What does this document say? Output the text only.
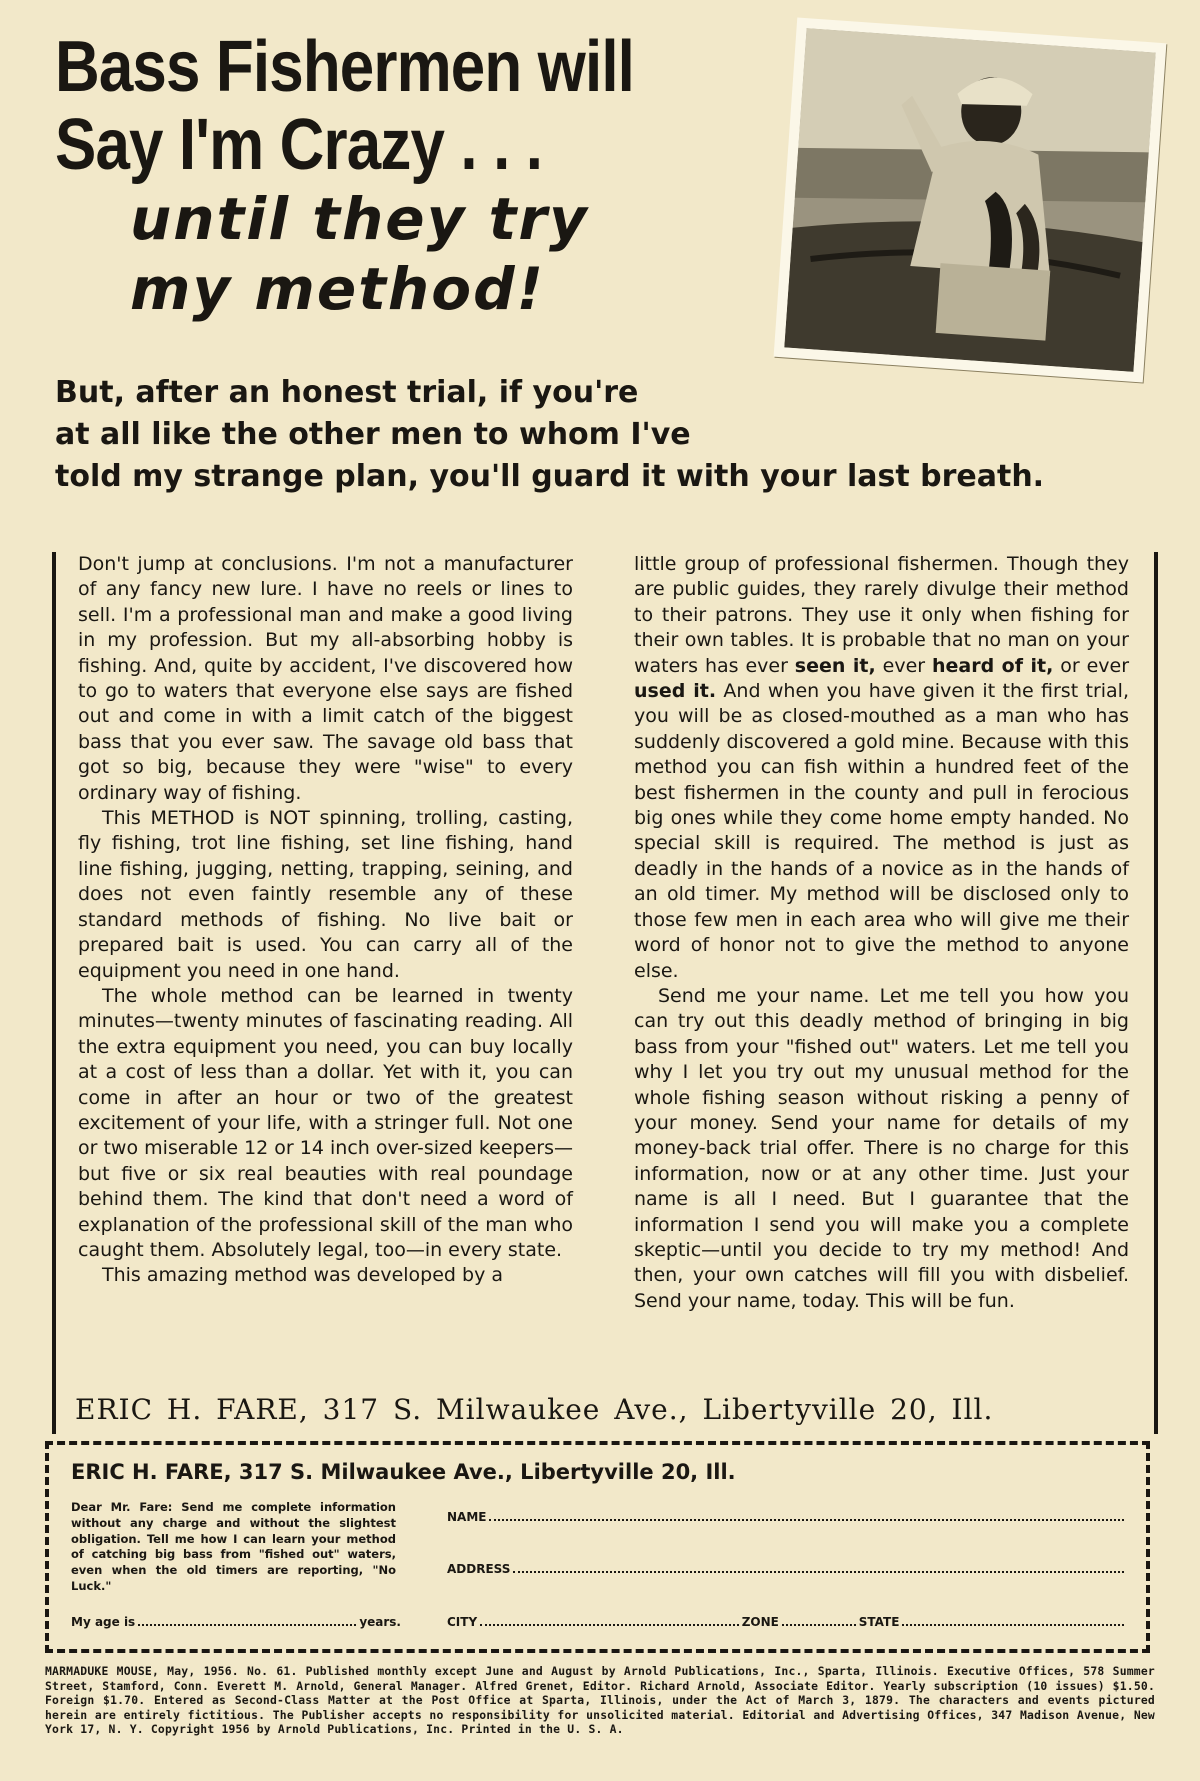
Bass Fishermen will
Say I'm Crazy . . .
until they try
my method!
But, after an honest trial, if you're
at all like the other men to whom I've
told my strange plan, you'll guard it with your last breath.

Don't jump at conclusions. I'm not a manufacturer of any fancy new lure. I have no reels or lines to sell. I'm a professional man and make a good living in my profession. But my all-absorbing hobby is fishing. And, quite by accident, I've discovered how to go to waters that everyone else says are fished out and come in with a limit catch of the biggest bass that you ever saw. The savage old bass that got so big, because they were "wise" to every ordinary way of fishing.

This METHOD is NOT spinning, trolling, casting, fly fishing, trot line fishing, set line fishing, hand line fishing, jugging, netting, trapping, seining, and does not even faintly resemble any of these standard methods of fishing. No live bait or prepared bait is used. You can carry all of the equipment you need in one hand.

The whole method can be learned in twenty minutes—twenty minutes of fascinating reading. All the extra equipment you need, you can buy locally at a cost of less than a dollar. Yet with it, you can come in after an hour or two of the greatest excitement of your life, with a stringer full. Not one or two miserable 12 or 14 inch over-sized keepers—but five or six real beauties with real poundage behind them. The kind that don't need a word of explanation of the professional skill of the man who caught them. Absolutely legal, too—in every state.

This amazing method was developed by a

little group of professional fishermen. Though they are public guides, they rarely divulge their method to their patrons. They use it only when fishing for their own tables. It is probable that no man on your waters has ever seen it, ever heard of it, or ever used it. And when you have given it the first trial, you will be as closed-mouthed as a man who has suddenly discovered a gold mine. Because with this method you can fish within a hundred feet of the best fishermen in the county and pull in ferocious big ones while they come home empty handed. No special skill is required. The method is just as deadly in the hands of a novice as in the hands of an old timer. My method will be disclosed only to those few men in each area who will give me their word of honor not to give the method to anyone else.

Send me your name. Let me tell you how you can try out this deadly method of bringing in big bass from your "fished out" waters. Let me tell you why I let you try out my unusual method for the whole fishing season without risking a penny of your money. Send your name for details of my money-back trial offer. There is no charge for this information, now or at any other time. Just your name is all I need. But I guarantee that the information I send you will make you a complete skeptic—until you decide to try my method! And then, your own catches will fill you with disbelief. Send your name, today. This will be fun.

ERIC H. FARE, 317 S. Milwaukee Ave., Libertyville 20, Ill.
ERIC H. FARE, 317 S. Milwaukee Ave., Libertyville 20, Ill.
Dear Mr. Fare: Send me complete information without any charge and without the slightest obligation. Tell me how I can learn your method of catching big bass from "fished out" waters, even when the old timers are reporting, "No Luck."
My age is	years.
NAME
ADDRESS
CITY	ZONE	STATE
MARMADUKE MOUSE, May, 1956. No. 61. Published monthly except June and August by Arnold Publications, Inc., Sparta, Illinois. Executive Offices, 578 Summer Street, Stamford, Conn. Everett M. Arnold, General Manager. Alfred Grenet, Editor. Richard Arnold, Associate Editor. Yearly subscription (10 issues) $1.50. Foreign $1.70. Entered as Second-Class Matter at the Post Office at Sparta, Illinois, under the Act of March 3, 1879. The characters and events pictured herein are entirely fictitious. The Publisher accepts no responsibility for unsolicited material. Editorial and Advertising Offices, 347 Madison Avenue, New York 17, N. Y. Copyright 1956 by Arnold Publications, Inc. Printed in the U. S. A.
